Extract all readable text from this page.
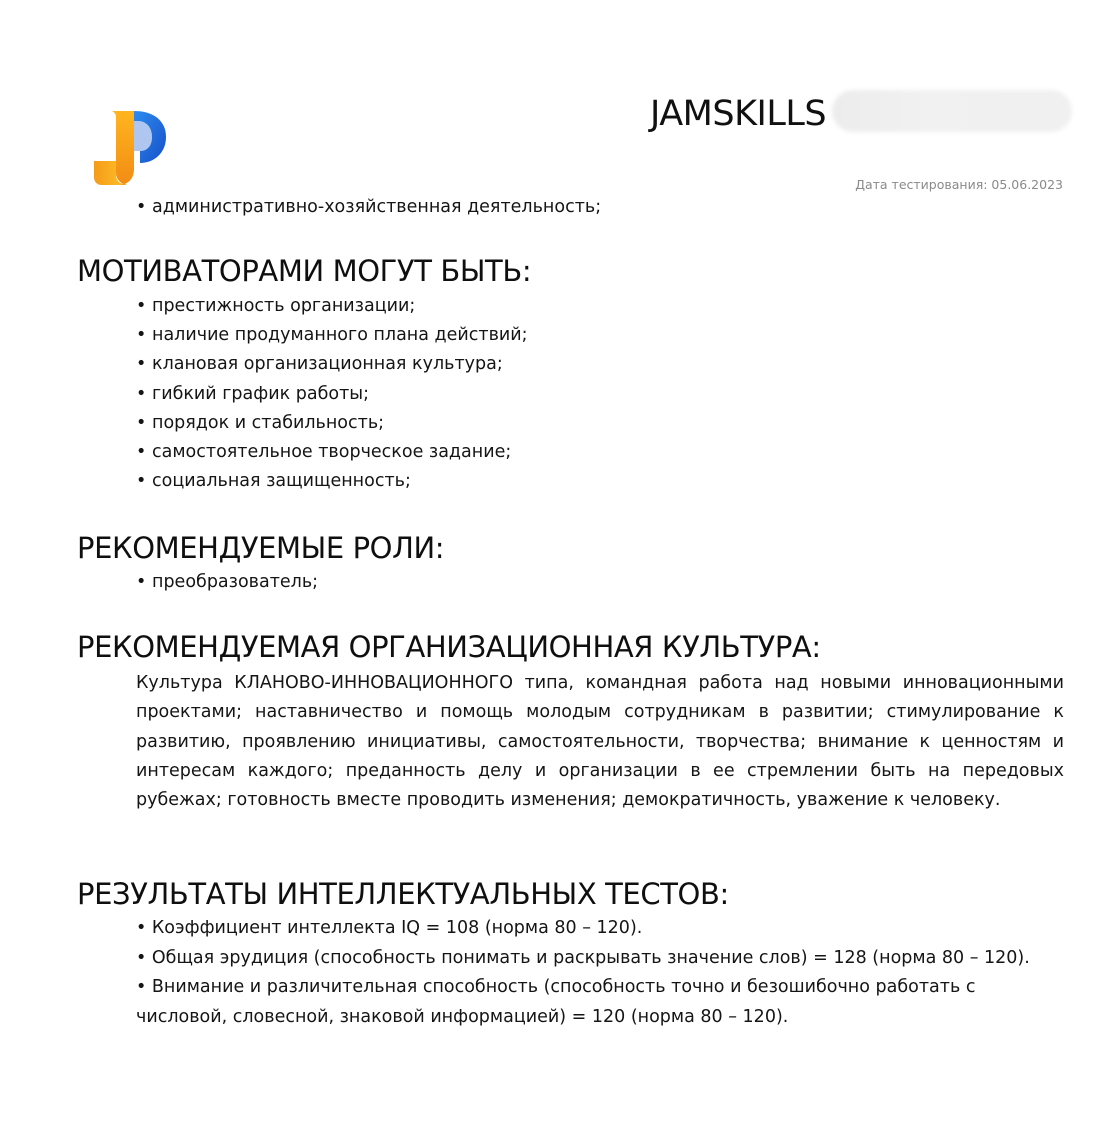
JAMSKILLS
Дата тестирования: 05.06.2023
• административно-хозяйственная деятельность;
МОТИВАТОРАМИ МОГУТ БЫТЬ:
• престижность организации;
• наличие продуманного плана действий;
• клановая организационная культура;
• гибкий график работы;
• порядок и стабильность;
• самостоятельное творческое задание;
• социальная защищенность;
РЕКОМЕНДУЕМЫЕ РОЛИ:
• преобразователь;
РЕКОМЕНДУЕМАЯ ОРГАНИЗАЦИОННАЯ КУЛЬТУРА:

Культура КЛАНОВО-ИННОВАЦИОННОГО типа, командная работа над новыми инновационными проектами; наставничество и помощь молодым сотрудникам в развитии; стимулирование к развитию, проявлению инициативы, самостоятельности, творчества; внимание к ценностям и интересам каждого; преданность делу и организации в ее стремлении быть на передовых рубежах; готовность вместе проводить изменения; демократичность, уважение к человеку.

РЕЗУЛЬТАТЫ ИНТЕЛЛЕКТУАЛЬНЫХ ТЕСТОВ:

• Коэффициент интеллекта IQ = 108 (норма 80 – 120).

• Общая эрудиция (способность понимать и раскрывать значение слов) = 128 (норма 80 – 120).

• Внимание и различительная способность (способность точно и безошибочно работать с числовой, словесной, знаковой информацией) = 120 (норма 80 – 120).
